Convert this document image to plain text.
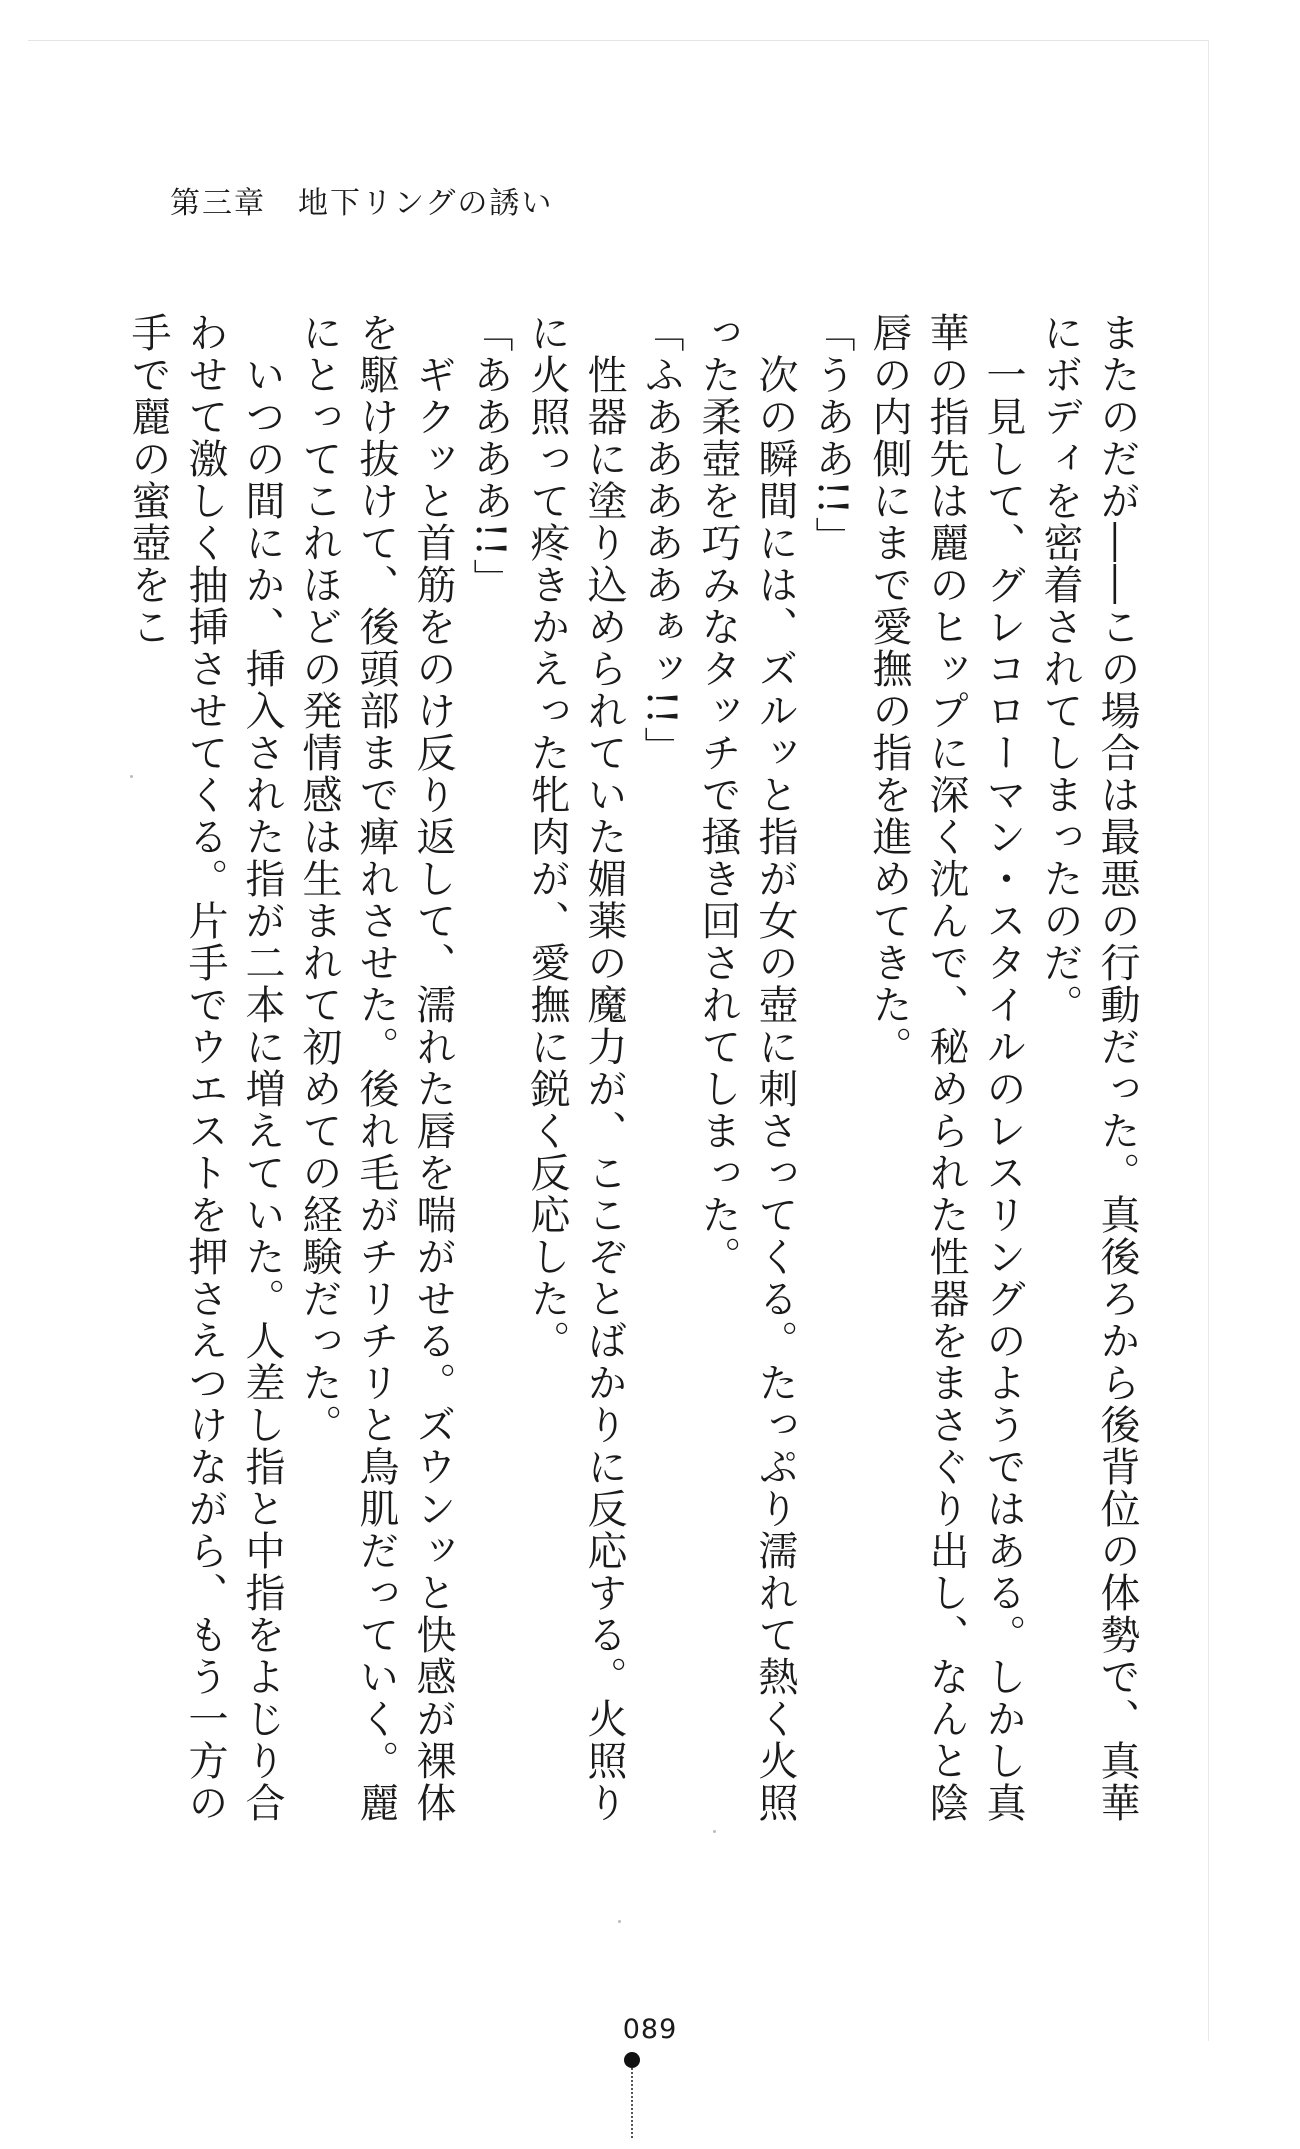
第三章　地下リングの誘い

またのだが――この場合は最悪の行動だった。真後ろから後背位の体勢で、真華にボディを密着されてしまったのだ。

　一見して、グレコローマン・スタイルのレスリングのようではある。しかし真華の指先は麗のヒップに深く沈んで、秘められた性器をまさぐり出し、なんと陰唇の内側にまで愛撫の指を進めてきた。

「うああ!!」

　次の瞬間には、ズルッと指が女の壺に刺さってくる。たっぷり濡れて熱く火照った柔壺を巧みなタッチで掻き回されてしまった。

「ふあああああぁッ!!」

　性器に塗り込められていた媚薬の魔力が、ここぞとばかりに反応する。火照りに火照って疼きかえった牝肉が、愛撫に鋭く反応した。

「ああああ!!」

　ギクッと首筋をのけ反り返して、濡れた唇を喘がせる。ズウンッと快感が裸体を駆け抜けて、後頭部まで痺れさせた。後れ毛がチリチリと鳥肌だっていく。麗にとってこれほどの発情感は生まれて初めての経験だった。

　いつの間にか、挿入された指が二本に増えていた。人差し指と中指をよじり合わせて激しく抽挿させてくる。片手でウエストを押さえつけながら、もう一方の手で麗の蜜壺をこ

089
